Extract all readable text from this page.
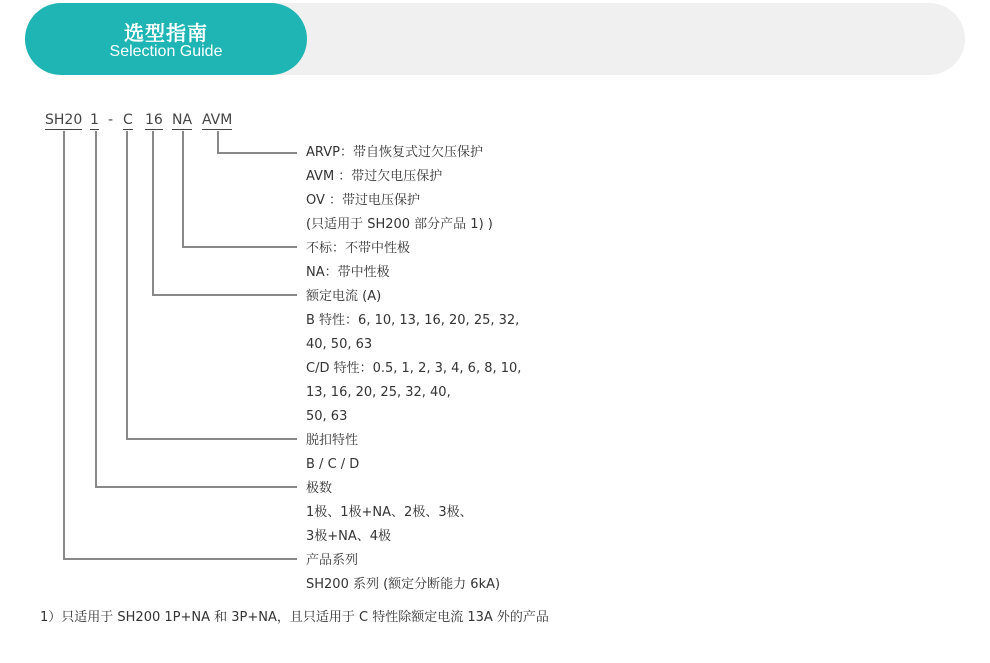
选型指南
Selection Guide
SH20 1 - C 16 NA AVM
ARVP：带自恢复式过欠压保护
AVM ：带过欠电压保护
OV ：带过电压保护
(只适用于 SH200 部分产品 1) )
不标：不带中性极
NA：带中性极
额定电流 (A)
B 特性：6, 10, 13, 16, 20, 25, 32,
40, 50, 63
C/D 特性：0.5, 1, 2, 3, 4, 6, 8, 10,
13, 16, 20, 25, 32, 40,
50, 63
脱扣特性
B / C / D
极数
1极、1极+NA、2极、3极、
3极+NA、4极
产品系列
SH200 系列 (额定分断能力 6kA)
1）只适用于 SH200 1P+NA 和 3P+NA，且只适用于 C 特性除额定电流 13A 外的产品
